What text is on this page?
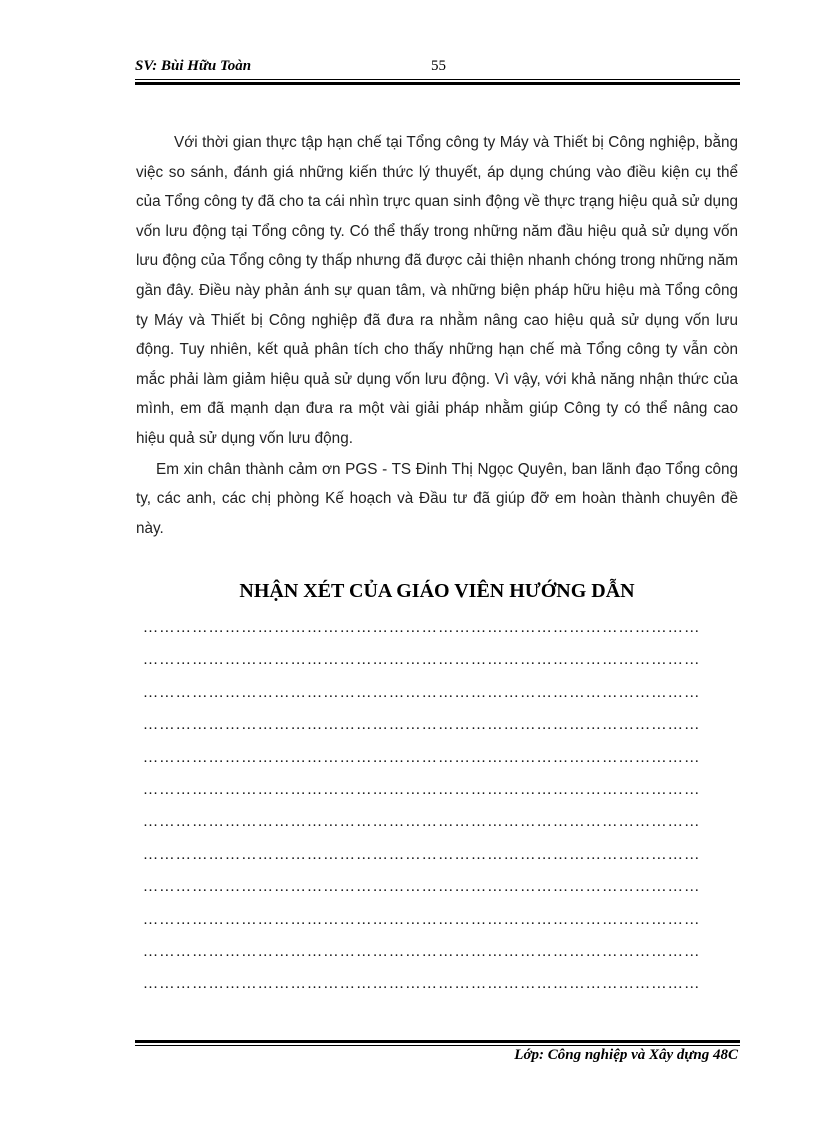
SV: Bùi Hữu Toàn	55

Với thời gian thực tập hạn chế tại Tổng công ty Máy và Thiết bị Công nghiệp, bằng việc so sánh, đánh giá những kiến thức lý thuyết, áp dụng chúng vào điều kiện cụ thể của Tổng công ty đã cho ta cái nhìn trực quan sinh động về thực trạng hiệu quả sử dụng vốn lưu động tại Tổng công ty. Có thể thấy trong những năm đầu hiệu quả sử dụng vốn lưu động của Tổng công ty thấp nhưng đã được cải thiện nhanh chóng trong những năm gần đây. Điều này phản ánh sự quan tâm, và những biện pháp hữu hiệu mà Tổng công ty Máy và Thiết bị Công nghiệp đã đưa ra nhằm nâng cao hiệu quả sử dụng vốn lưu động. Tuy nhiên, kết quả phân tích cho thấy những hạn chế mà Tổng công ty vẫn còn mắc phải làm giảm hiệu quả sử dụng vốn lưu động. Vì vậy, với khả năng nhận thức của mình, em đã mạnh dạn đưa ra một vài giải pháp nhằm giúp Công ty có thể nâng cao hiệu quả sử dụng vốn lưu động.

Em xin chân thành cảm ơn PGS - TS Đinh Thị Ngọc Quyên, ban lãnh đạo Tổng công ty, các anh, các chị phòng Kế hoạch và Đầu tư đã giúp đỡ em hoàn thành chuyên đề này.

NHẬN XÉT CỦA GIÁO VIÊN HƯỚNG DẪN
…………………………………………………………………………………………
…………………………………………………………………………………………
…………………………………………………………………………………………
…………………………………………………………………………………………
…………………………………………………………………………………………
…………………………………………………………………………………………
…………………………………………………………………………………………
…………………………………………………………………………………………
…………………………………………………………………………………………
…………………………………………………………………………………………
…………………………………………………………………………………………
…………………………………………………………………………………………
Lớp: Công nghiệp và Xây dựng 48C
